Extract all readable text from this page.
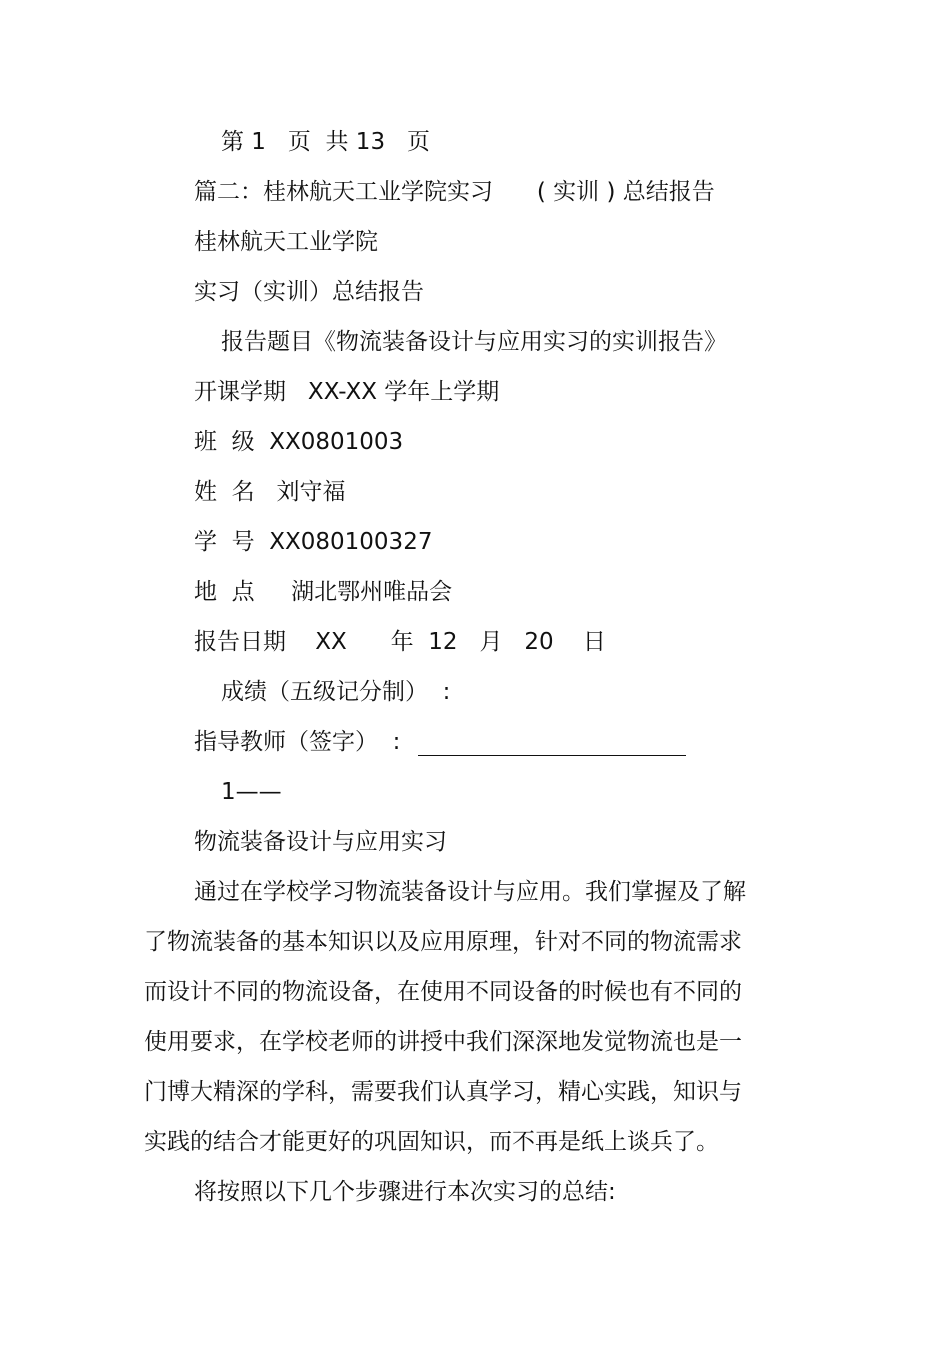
第 1   页  共 13   页

篇二：桂林航天工业学院实习      ( 实训 ) 总结报告

桂林航天工业学院

实习（实训）总结报告

报告题目《物流装备设计与应用实习的实训报告》

开课学期   XX-XX 学年上学期

班  级  XX0801003

姓  名   刘守福

学  号  XX080100327

地  点     湖北鄂州唯品会

报告日期    XX      年  12   月   20    日

成绩（五级记分制）  :

指导教师（签字）  :

1——

物流装备设计与应用实习

通过在学校学习物流装备设计与应用。我们掌握及了解

了物流装备的基本知识以及应用原理，针对不同的物流需求

而设计不同的物流设备，在使用不同设备的时候也有不同的

使用要求，在学校老师的讲授中我们深深地发觉物流也是一

门博大精深的学科，需要我们认真学习，精心实践，知识与

实践的结合才能更好的巩固知识，而不再是纸上谈兵了。

将按照以下几个步骤进行本次实习的总结:
